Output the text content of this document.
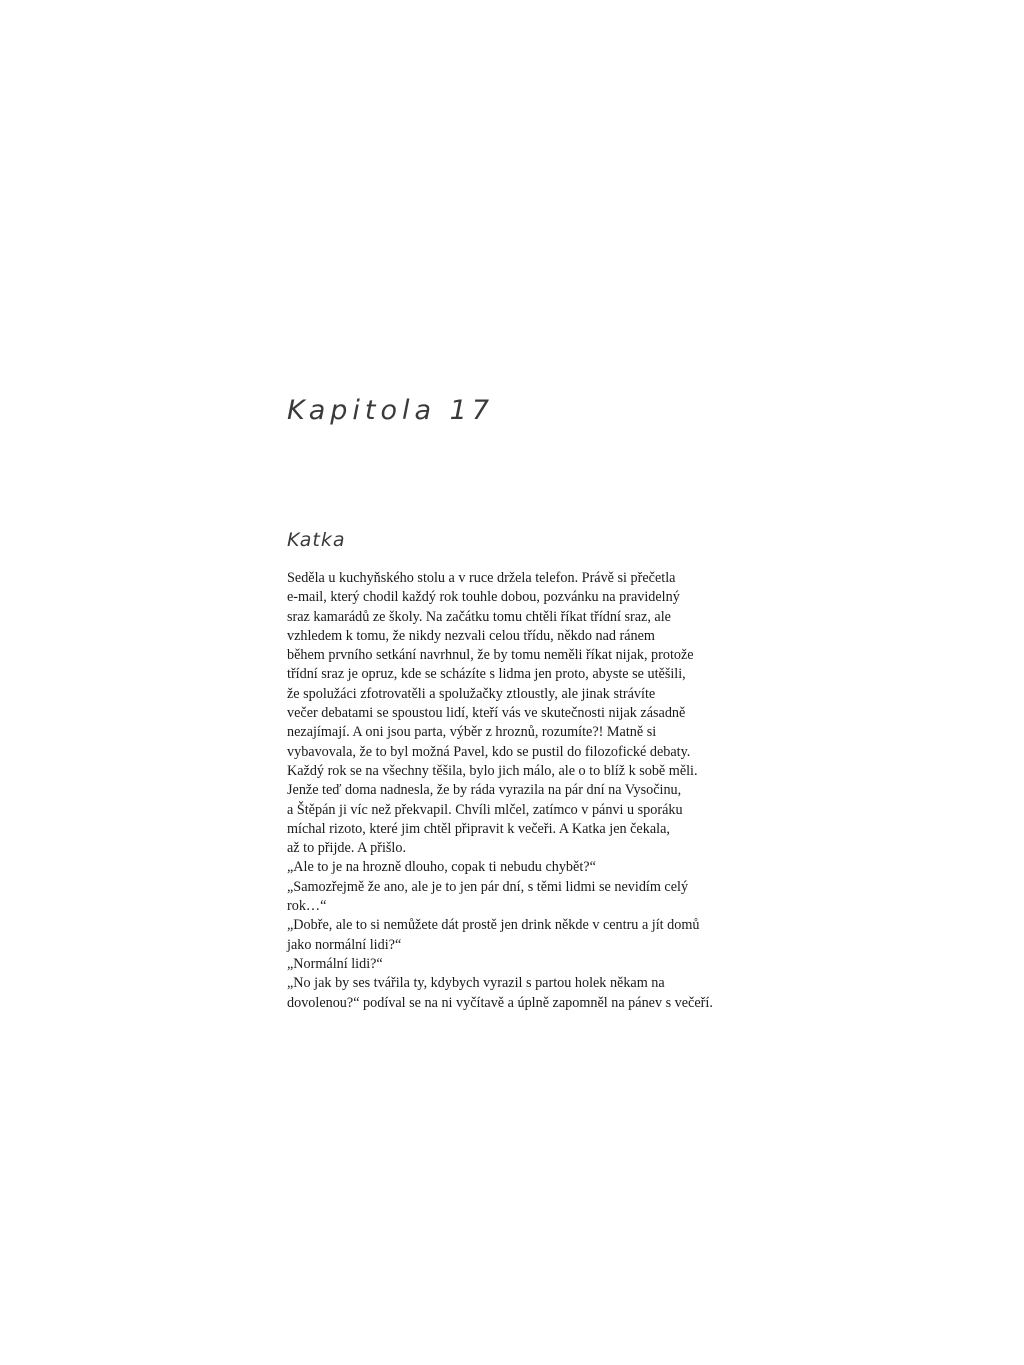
Kapitola 17
Katka
Seděla u kuchyňského stolu a v ruce držela telefon. Právě si přečetla
e-mail, který chodil každý rok touhle dobou, pozvánku na pravidelný
sraz kamarádů ze školy. Na začátku tomu chtěli říkat třídní sraz, ale
vzhledem k tomu, že nikdy nezvali celou třídu, někdo nad ránem
během prvního setkání navrhnul, že by tomu neměli říkat nijak, protože
třídní sraz je opruz, kde se scházíte s lidma jen proto, abyste se utěšili,
že spolužáci zfotrovatěli a spolužačky ztloustly, ale jinak strávíte
večer debatami se spoustou lidí, kteří vás ve skutečnosti nijak zásadně
nezajímají. A oni jsou parta, výběr z hroznů, rozumíte?! Matně si
vybavovala, že to byl možná Pavel, kdo se pustil do filozofické debaty.
Každý rok se na všechny těšila, bylo jich málo, ale o to blíž k sobě měli.
Jenže teď doma nadnesla, že by ráda vyrazila na pár dní na Vysočinu,
a Štěpán ji víc než překvapil. Chvíli mlčel, zatímco v pánvi u sporáku
míchal rizoto, které jim chtěl připravit k večeři. A Katka jen čekala,
až to přijde. A přišlo.
„Ale to je na hrozně dlouho, copak ti nebudu chybět?“
„Samozřejmě že ano, ale je to jen pár dní, s těmi lidmi se nevidím celý
rok…“
„Dobře, ale to si nemůžete dát prostě jen drink někde v centru a jít domů
jako normální lidi?“
„Normální lidi?“
„No jak by ses tvářila ty, kdybych vyrazil s partou holek někam na
dovolenou?“ podíval se na ni vyčítavě a úplně zapomněl na pánev s večeří.
